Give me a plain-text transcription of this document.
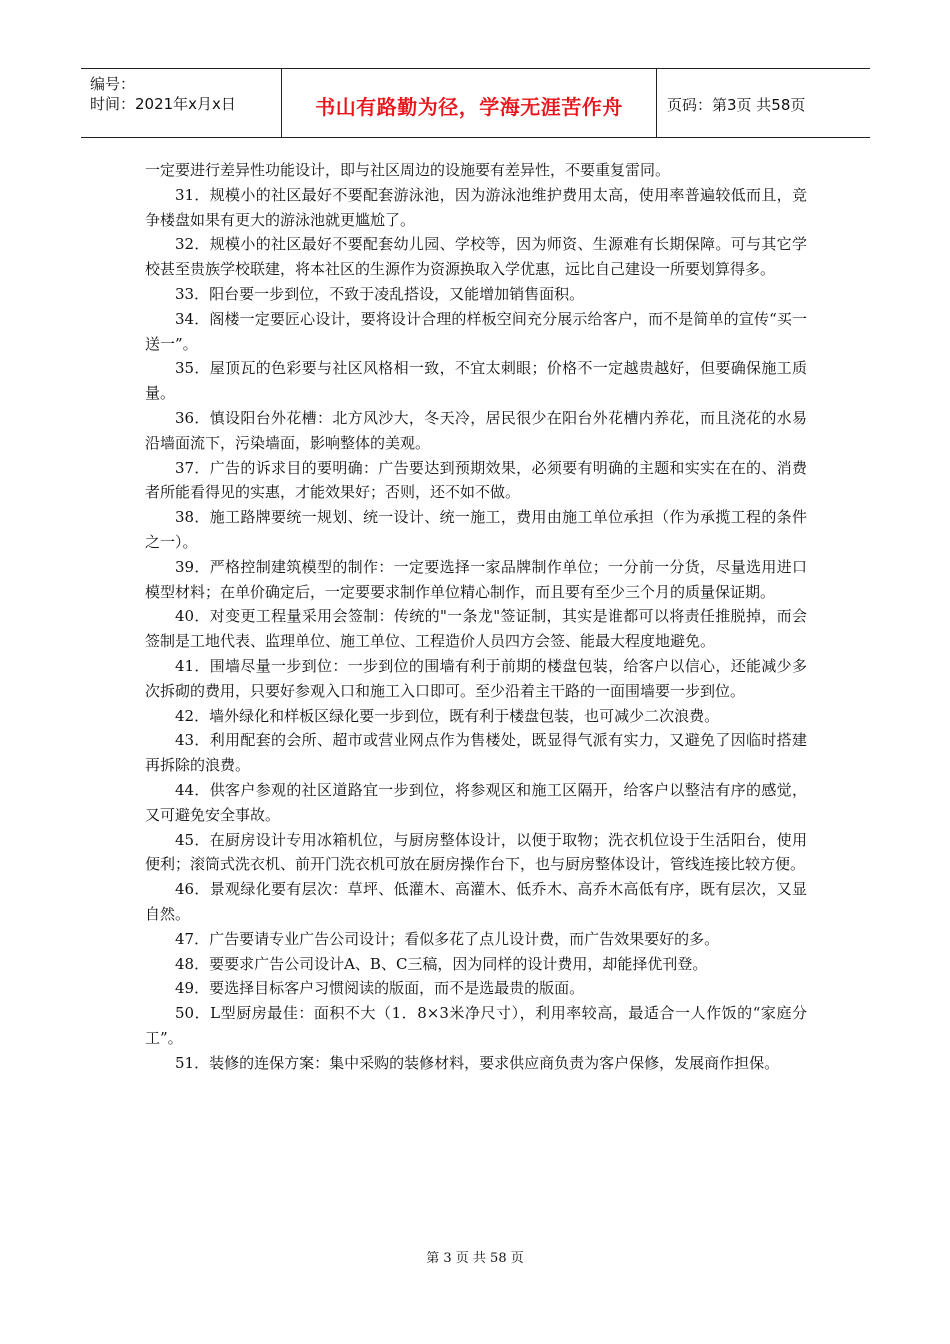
编号：
时间：2021年x月x日	书山有路勤为径，学海无涯苦作舟	页码：第3页 共58页

一定要进行差异性功能设计，即与社区周边的设施要有差异性，不要重复雷同。

31．规模小的社区最好不要配套游泳池，因为游泳池维护费用太高，使用率普遍较低而且，竞争楼盘如果有更大的游泳池就更尴尬了。

32．规模小的社区最好不要配套幼儿园、学校等，因为师资、生源难有长期保障。可与其它学校甚至贵族学校联建，将本社区的生源作为资源换取入学优惠，远比自己建设一所要划算得多。

33．阳台要一步到位，不致于凌乱搭设，又能增加销售面积。

34．阁楼一定要匠心设计，要将设计合理的样板空间充分展示给客户，而不是简单的宣传“买一送一”。

35．屋顶瓦的色彩要与社区风格相一致，不宜太刺眼；价格不一定越贵越好，但要确保施工质量。

36．慎设阳台外花槽：北方风沙大，冬天冷，居民很少在阳台外花槽内养花，而且浇花的水易沿墙面流下，污染墙面，影响整体的美观。

37．广告的诉求目的要明确：广告要达到预期效果，必须要有明确的主题和实实在在的、消费者所能看得见的实惠，才能效果好；否则，还不如不做。

38．施工路牌要统一规划、统一设计、统一施工，费用由施工单位承担（作为承揽工程的条件之一）。

39．严格控制建筑模型的制作：一定要选择一家品牌制作单位；一分前一分货，尽量选用进口模型材料；在单价确定后，一定要要求制作单位精心制作，而且要有至少三个月的质量保证期。

40．对变更工程量采用会签制：传统的"一条龙"签证制，其实是谁都可以将责任推脱掉，而会签制是工地代表、监理单位、施工单位、工程造价人员四方会签、能最大程度地避免。

41．围墙尽量一步到位：一步到位的围墙有利于前期的楼盘包装，给客户以信心，还能减少多次拆砌的费用，只要好参观入口和施工入口即可。至少沿着主干路的一面围墙要一步到位。

42．墙外绿化和样板区绿化要一步到位，既有利于楼盘包装，也可减少二次浪费。

43．利用配套的会所、超市或营业网点作为售楼处，既显得气派有实力，又避免了因临时搭建再拆除的浪费。

44．供客户参观的社区道路宜一步到位，将参观区和施工区隔开，给客户以整洁有序的感觉，又可避免安全事故。

45．在厨房设计专用冰箱机位，与厨房整体设计，以便于取物；洗衣机位设于生活阳台，使用便利；滚筒式洗衣机、前开门洗衣机可放在厨房操作台下，也与厨房整体设计，管线连接比较方便。

46．景观绿化要有层次：草坪、低灌木、高灌木、低乔木、高乔木高低有序，既有层次，又显自然。

47．广告要请专业广告公司设计；看似多花了点儿设计费，而广告效果要好的多。

48．要要求广告公司设计A、B、C三稿，因为同样的设计费用，却能择优刊登。

49．要选择目标客户习惯阅读的版面，而不是选最贵的版面。

50．L型厨房最佳：面积不大（1．8×3米净尺寸），利用率较高，最适合一人作饭的“家庭分工”。

51．装修的连保方案：集中采购的装修材料，要求供应商负责为客户保修，发展商作担保。

第 3 页 共 58 页
